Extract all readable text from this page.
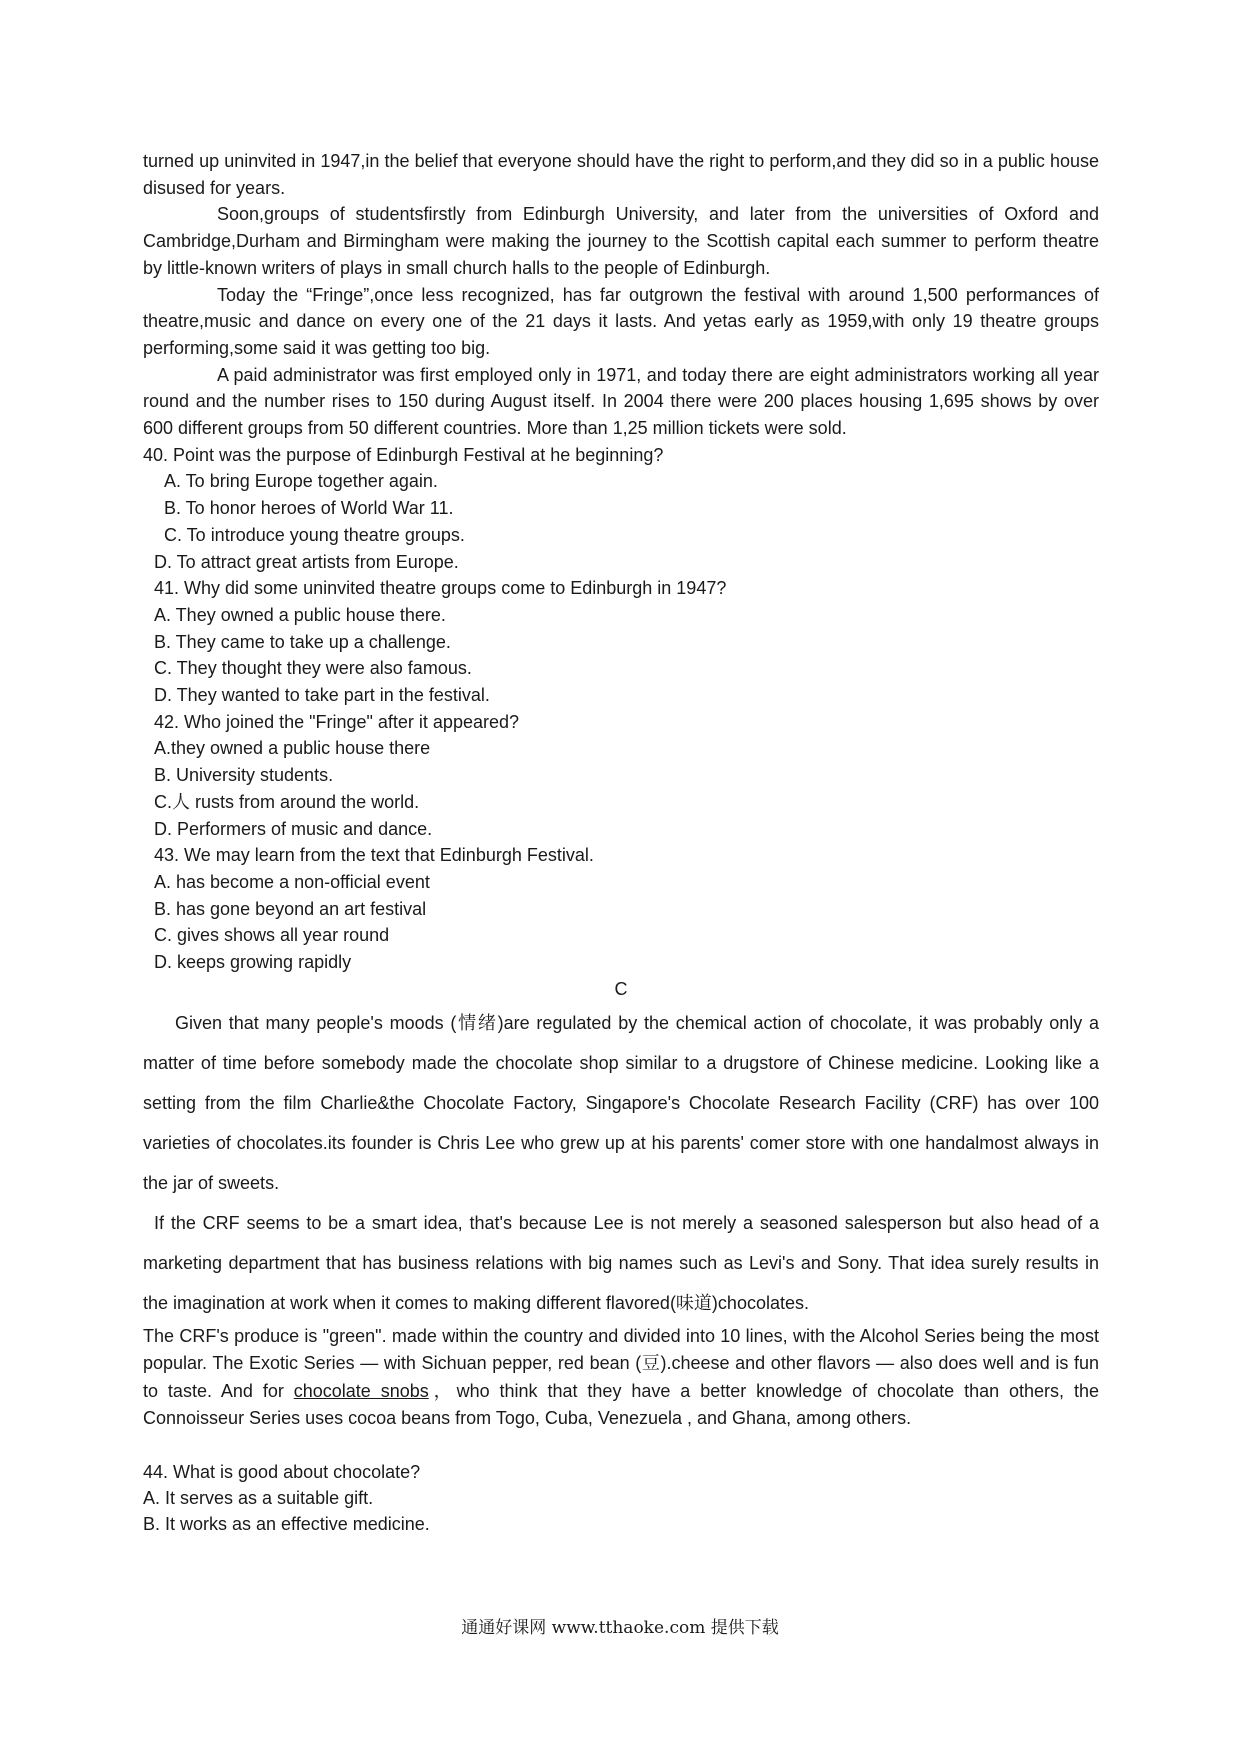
turned up uninvited in 1947,in the belief that everyone should have the right to perform,and they did so in a public house disused for years.

Soon,groups of studentsfirstly from Edinburgh University, and later from the universities of Oxford and Cambridge,Durham and Birmingham were making the journey to the Scottish capital each summer to perform theatre by little-known writers of plays in small church halls to the people of Edinburgh.

Today the “Fringe”,once less recognized, has far outgrown the festival with around 1,500 performances of theatre,music and dance on every one of the 21 days it lasts. And yetas early as 1959,with only 19 theatre groups performing,some said it was getting too big.

A paid administrator was first employed only in 1971, and today there are eight administrators working all year round and the number rises to 150 during August itself. In 2004 there were 200 places housing 1,695 shows by over 600 different groups from 50 different countries. More than 1,25 million tickets were sold.

40. Point was the purpose of Edinburgh Festival at he beginning?

A. To bring Europe together again.

B. To honor heroes of World War 11.

C. To introduce young theatre groups.

D. To attract great artists from Europe.

41. Why did some uninvited theatre groups come to Edinburgh in 1947?

A. They owned a public house there.

B. They came to take up a challenge.

C. They thought they were also famous.

D. They wanted to take part in the festival.

42. Who joined the "Fringe" after it appeared?

A.they owned a public house there

B. University students.

C.人 rusts from around the world.

D. Performers of music and dance.

43. We may learn from the text that Edinburgh Festival.

A. has become a non-official event

B. has gone beyond an art festival

C. gives shows all year round

D. keeps growing rapidly

C

Given that many people's moods (情绪)are regulated by the chemical action of chocolate, it was probably only a matter of time before somebody made the chocolate shop similar to a drugstore of Chinese medicine. Looking like a setting from the film Charlie&the Chocolate Factory, Singapore's Chocolate Research Facility (CRF) has over 100 varieties of chocolates.its founder is Chris Lee who grew up at his parents' comer store with one handalmost always in the jar of sweets.

If the CRF seems to be a smart idea, that's because Lee is not merely a seasoned salesperson but also head of a marketing department that has business relations with big names such as Levi's and Sony. That idea surely results in the imagination at work when it comes to making different flavored(味道)chocolates.

The CRF's produce is "green". made within the country and divided into 10 lines, with the Alcohol Series being the most popular. The Exotic Series — with Sichuan pepper, red bean (豆).cheese and other flavors — also does well and is fun to taste. And for chocolate snobs，who think that they have a better knowledge of chocolate than others, the Connoisseur Series uses cocoa beans from Togo, Cuba, Venezuela , and Ghana, among others.

44. What is good about chocolate?

A. It serves as a suitable gift.

B. It works as an effective medicine.

通通好课网 www.tthaoke.com 提供下载
